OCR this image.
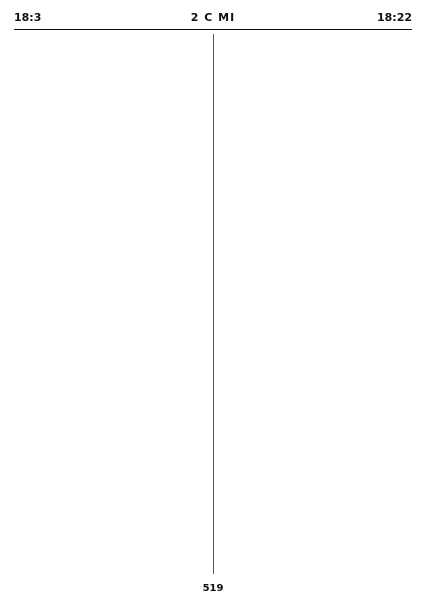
18:3	2 C MI	18:22
519
